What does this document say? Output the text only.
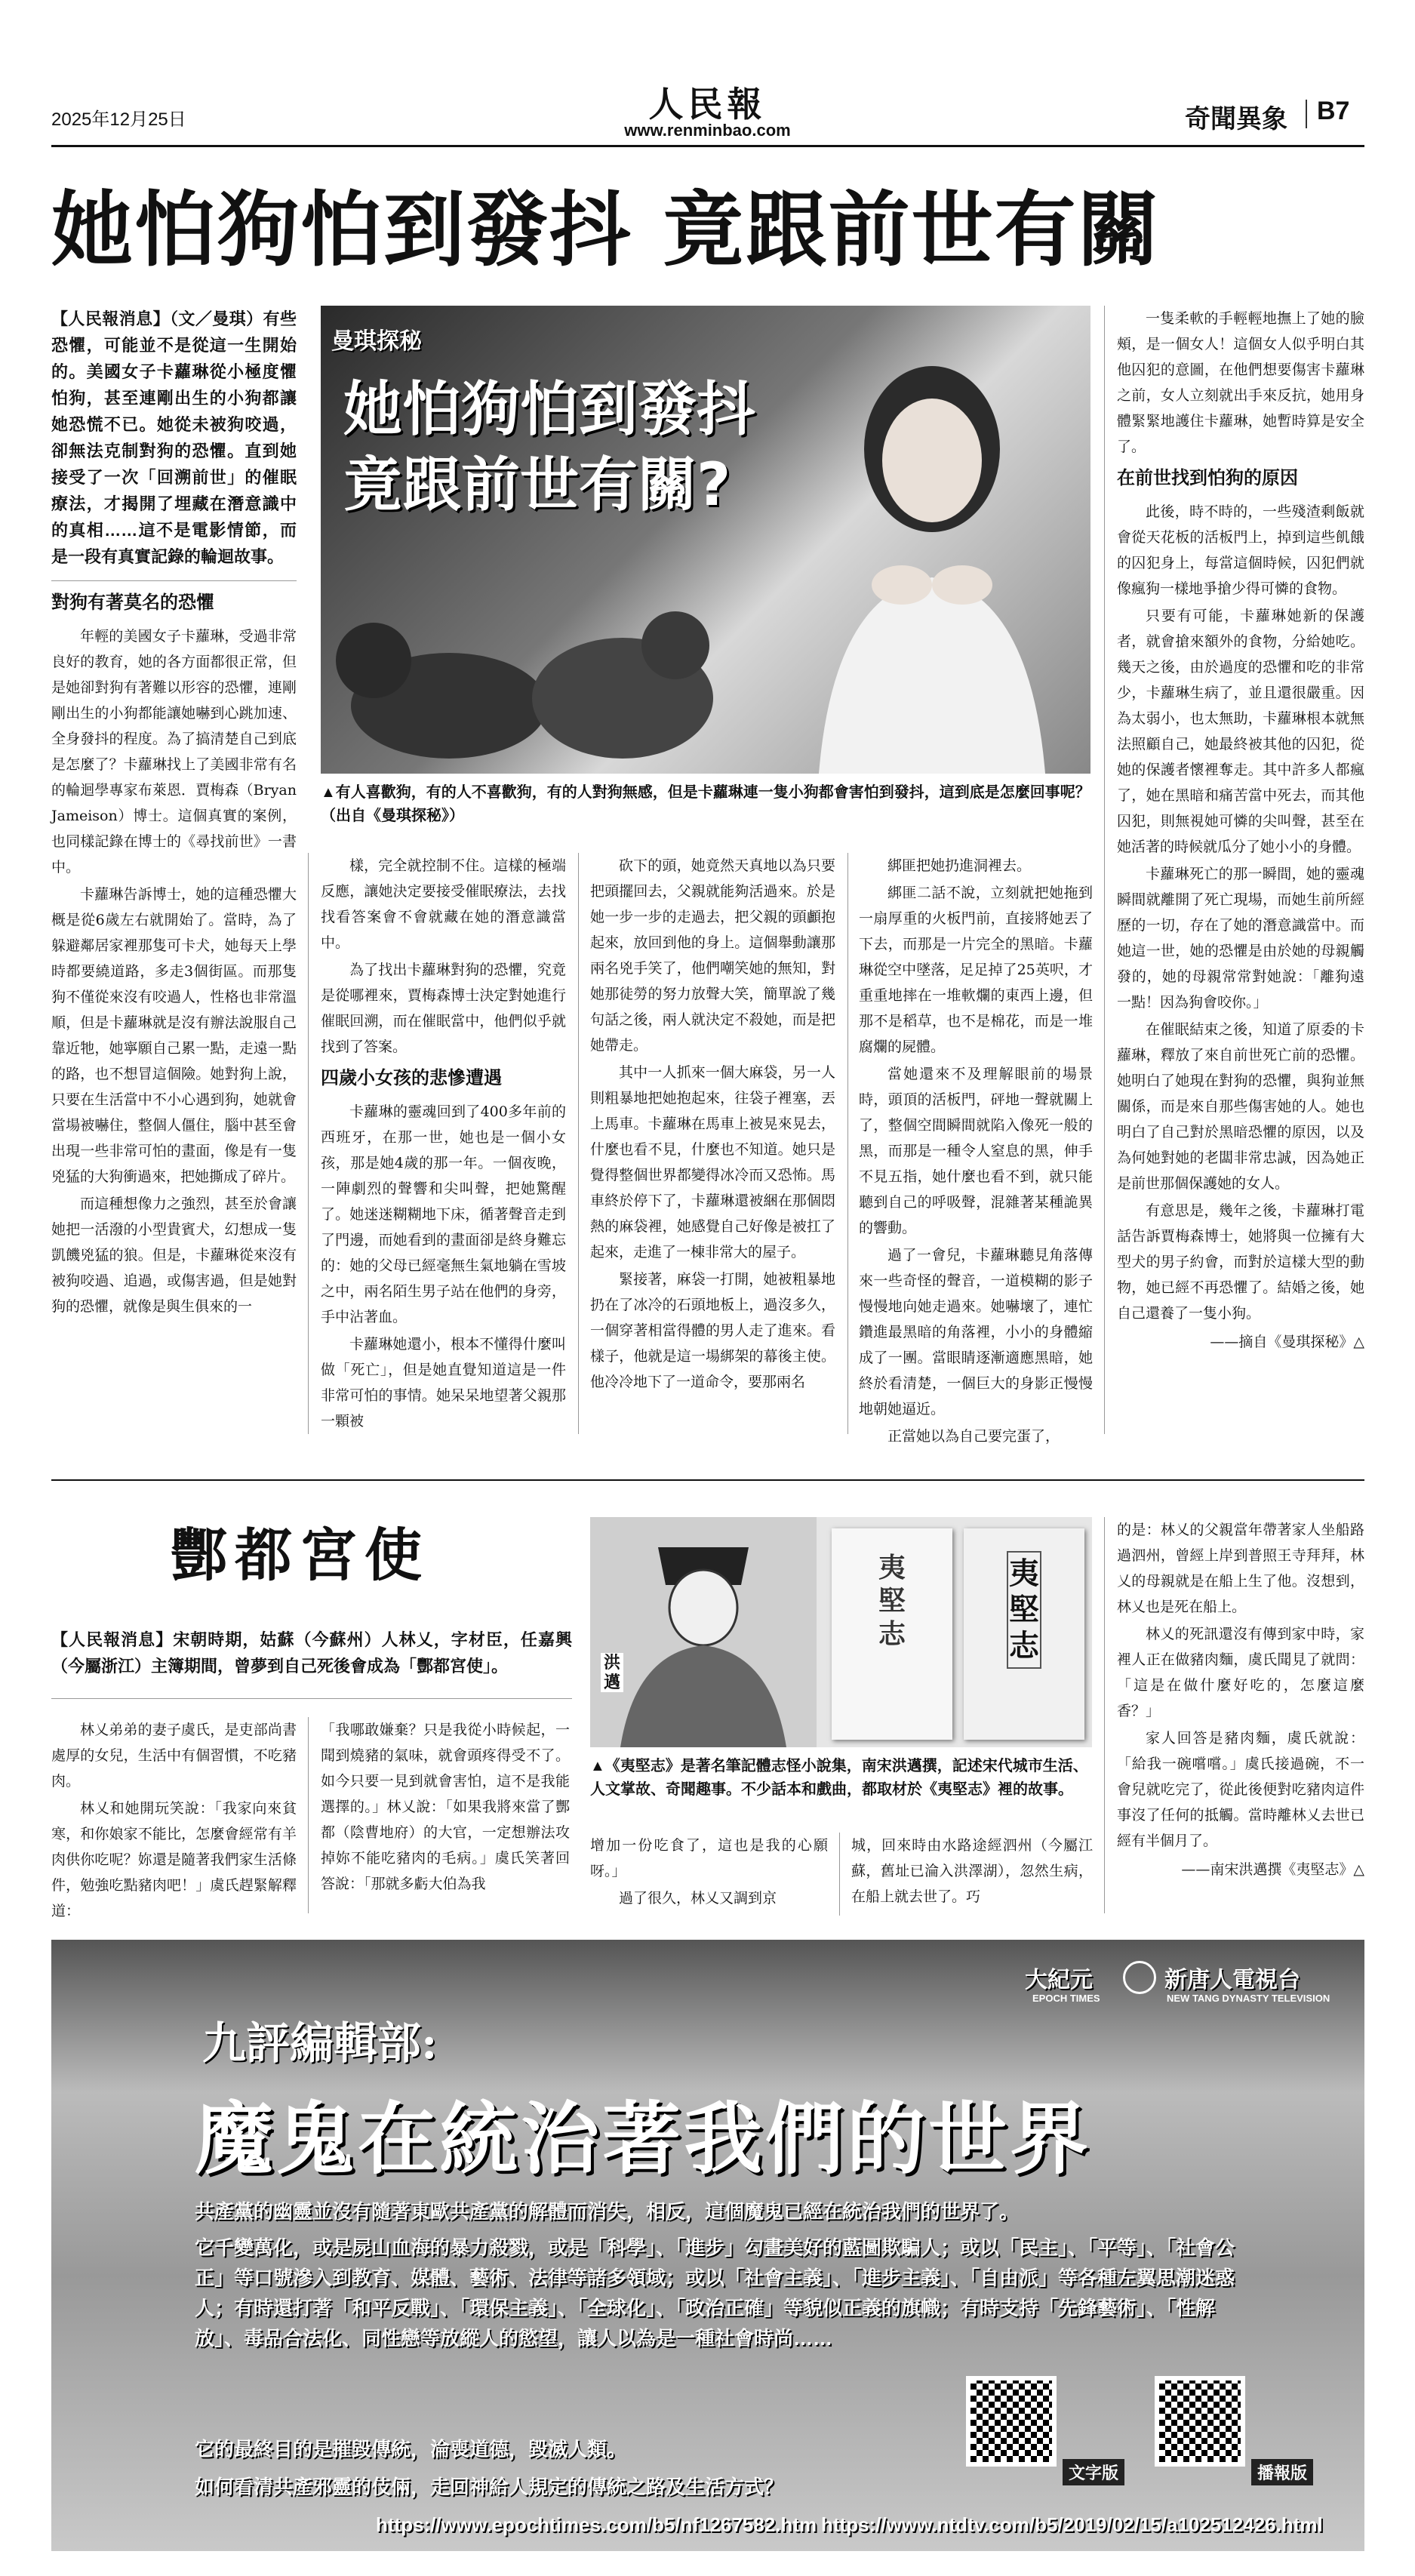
2025年12月25日	人民報
www.renminbao.com	奇聞異象 B7
她怕狗怕到發抖 竟跟前世有關

【人民報消息】（文／曼琪）有些恐懼，可能並不是從這一生開始的。美國女子卡蘿琳從小極度懼怕狗，甚至連剛出生的小狗都讓她恐慌不已。她從未被狗咬過，卻無法克制對狗的恐懼。直到她接受了一次「回溯前世」的催眠療法，才揭開了埋藏在潛意識中的真相……這不是電影情節，而是一段有真實記錄的輪迴故事。

對狗有著莫名的恐懼

年輕的美國女子卡蘿琳，受過非常良好的教育，她的各方面都很正常，但是她卻對狗有著難以形容的恐懼，連剛剛出生的小狗都能讓她嚇到心跳加速、全身發抖的程度。為了搞清楚自己到底是怎麼了？卡蘿琳找上了美國非常有名的輪迴學專家布萊恩．賈梅森（Bryan Jameison）博士。這個真實的案例，也同樣記錄在博士的《尋找前世》一書中。

卡蘿琳告訴博士，她的這種恐懼大概是從6歲左右就開始了。當時，為了躲避鄰居家裡那隻可卡犬，她每天上學時都要繞道路，多走3個街區。而那隻狗不僅從來沒有咬過人，性格也非常溫順，但是卡蘿琳就是沒有辦法說服自己靠近牠，她寧願自己累一點，走遠一點的路，也不想冒這個險。她對狗上說，只要在生活當中不小心遇到狗，她就會當場被嚇住，整個人僵住，腦中甚至會出現一些非常可怕的畫面，像是有一隻兇猛的大狗衝過來，把她撕成了碎片。

而這種想像力之強烈，甚至於會讓她把一活潑的小型貴賓犬，幻想成一隻凱饑兇猛的狼。但是，卡蘿琳從來沒有被狗咬過、追過，或傷害過，但是她對狗的恐懼，就像是與生俱來的一

曼琪探秘
她怕狗怕到發抖
竟跟前世有關?

▲有人喜歡狗，有的人不喜歡狗，有的人對狗無感，但是卡蘿琳連一隻小狗都會害怕到發抖，這到底是怎麼回事呢？（出自《曼琪探秘》）

樣，完全就控制不住。這樣的極端反應，讓她決定要接受催眠療法，去找找看答案會不會就藏在她的潛意識當中。

為了找出卡蘿琳對狗的恐懼，究竟是從哪裡來，賈梅森博士決定對她進行催眠回溯，而在催眠當中，他們似乎就找到了答案。

四歲小女孩的悲慘遭遇

卡蘿琳的靈魂回到了400多年前的西班牙，在那一世，她也是一個小女孩，那是她4歲的那一年。一個夜晚，一陣劇烈的聲響和尖叫聲，把她驚醒了。她迷迷糊糊地下床，循著聲音走到了門邊，而她看到的畫面卻是終身難忘的：她的父母已經毫無生氣地躺在雪坡之中，兩名陌生男子站在他們的身旁，手中沾著血。

卡蘿琳她還小，根本不懂得什麼叫做「死亡」，但是她直覺知道這是一件非常可怕的事情。她呆呆地望著父親那一顆被

砍下的頭，她竟然天真地以為只要把頭擺回去，父親就能夠活過來。於是她一步一步的走過去，把父親的頭顱抱起來，放回到他的身上。這個舉動讓那兩名兇手笑了，他們嘲笑她的無知，對她那徒勞的努力放聲大笑，簡單說了幾句話之後，兩人就決定不殺她，而是把她帶走。

其中一人抓來一個大麻袋，另一人則粗暴地把她抱起來，往袋子裡塞，丟上馬車。卡蘿琳在馬車上被晃來晃去，什麼也看不見，什麼也不知道。她只是覺得整個世界都變得冰冷而又恐怖。馬車終於停下了，卡蘿琳還被綑在那個悶熱的麻袋裡，她感覺自己好像是被扛了起來，走進了一棟非常大的屋子。

緊接著，麻袋一打開，她被粗暴地扔在了冰冷的石頭地板上，過沒多久，一個穿著相當得體的男人走了進來。看樣子，他就是這一場綁架的幕後主使。他冷冷地下了一道命令，要那兩名

綁匪把她扔進洞裡去。

綁匪二話不說，立刻就把她拖到一扇厚重的火板門前，直接將她丟了下去，而那是一片完全的黑暗。卡蘿琳從空中墜落，足足掉了25英呎，才重重地摔在一堆軟爛的東西上邊，但那不是稻草，也不是棉花，而是一堆腐爛的屍體。

當她還來不及理解眼前的場景時，頭頂的活板門，砰地一聲就關上了，整個空間瞬間就陷入像死一般的黑，而那是一種令人窒息的黑，伸手不見五指，她什麼也看不到，就只能聽到自己的呼吸聲，混雜著某種詭異的響動。

過了一會兒，卡蘿琳聽見角落傳來一些奇怪的聲音，一道模糊的影子慢慢地向她走過來。她嚇壞了，連忙鑽進最黑暗的角落裡，小小的身體縮成了一團。當眼睛逐漸適應黑暗，她終於看清楚，一個巨大的身影正慢慢地朝她逼近。

正當她以為自己要完蛋了，

一隻柔軟的手輕輕地撫上了她的臉頰，是一個女人！這個女人似乎明白其他囚犯的意圖，在他們想要傷害卡蘿琳之前，女人立刻就出手來反抗，她用身體緊緊地護住卡蘿琳，她暫時算是安全了。

在前世找到怕狗的原因

此後，時不時的，一些殘渣剩飯就會從天花板的活板門上，掉到這些飢餓的囚犯身上，每當這個時候，囚犯們就像瘋狗一樣地爭搶少得可憐的食物。

只要有可能，卡蘿琳她新的保護者，就會搶來額外的食物，分給她吃。幾天之後，由於過度的恐懼和吃的非常少，卡蘿琳生病了，並且還很嚴重。因為太弱小，也太無助，卡蘿琳根本就無法照顧自己，她最終被其他的囚犯，從她的保護者懷裡奪走。其中許多人都瘋了，她在黑暗和痛苦當中死去，而其他囚犯，則無視她可憐的尖叫聲，甚至在她活著的時候就瓜分了她小小的身體。

卡蘿琳死亡的那一瞬間，她的靈魂瞬間就離開了死亡現場，而她生前所經歷的一切，存在了她的潛意識當中。而她這一世，她的恐懼是由於她的母親觸發的，她的母親常常對她說：「離狗遠一點！因為狗會咬你。」

在催眠結束之後，知道了原委的卡蘿琳，釋放了來自前世死亡前的恐懼。她明白了她現在對狗的恐懼，與狗並無關係，而是來自那些傷害她的人。她也明白了自己對於黑暗恐懼的原因，以及為何她對她的老闆非常忠誠，因為她正是前世那個保護她的女人。

有意思是，幾年之後，卡蘿琳打電話告訴賈梅森博士，她將與一位擁有大型犬的男子約會，而對於這樣大型的動物，她已經不再恐懼了。結婚之後，她自己還養了一隻小狗。

——摘自《曼琪探秘》△

酆都宮使

【人民報消息】宋朝時期，姑蘇（今蘇州）人林乂，字材臣，任嘉興（今屬浙江）主簿期間，曾夢到自己死後會成為「酆都宮使」。

林乂弟弟的妻子虞氏，是吏部尚書處厚的女兒，生活中有個習慣，不吃豬肉。

林乂和她開玩笑說：「我家向來貧寒，和你娘家不能比，怎麼會經常有羊肉供你吃呢？妳還是隨著我們家生活條件，勉強吃點豬肉吧！」虞氏趕緊解釋道：

「我哪敢嫌棄？只是我從小時候起，一聞到燒豬的氣味，就會頭疼得受不了。如今只要一見到就會害怕，這不是我能選擇的。」林乂說：「如果我將來當了酆都（陰曹地府）的大官，一定想辦法攻掉妳不能吃豬肉的毛病。」虞氏笑著回答說：「那就多虧大伯為我

洪邁
夷堅志
夷堅志

▲《夷堅志》是著名筆記體志怪小說集，南宋洪邁撰，記述宋代城市生活、人文掌故、奇聞趣事。不少話本和戲曲，都取材於《夷堅志》裡的故事。

增加一份吃食了，這也是我的心願呀。」

過了很久，林乂又調到京

城，回來時由水路途經泗州（今屬江蘇，舊址已淪入洪澤湖），忽然生病，在船上就去世了。巧

的是：林乂的父親當年帶著家人坐船路過泗州，曾經上岸到普照王寺拜拜，林乂的母親就是在船上生了他。沒想到，林乂也是死在船上。

林乂的死訊還沒有傳到家中時，家裡人正在做豬肉麵，虞氏聞見了就問：「這是在做什麼好吃的，怎麼這麼香？」

家人回答是豬肉麵，虞氏就說：「給我一碗嚐嚐。」虞氏接過碗，不一會兒就吃完了，從此後便對吃豬肉這件事沒了任何的抵觸。當時離林乂去世已經有半個月了。

——南宋洪邁撰《夷堅志》△

大紀元
EPOCH TIMES
新唐人電視台
NEW TANG DYNASTY TELEVISION
九評編輯部:
魔鬼在統治著我們的世界

共產黨的幽靈並沒有隨著東歐共產黨的解體而消失，相反，這個魔鬼已經在統治我們的世界了。

它千變萬化，或是屍山血海的暴力殺戮，或是「科學」、「進步」勾畫美好的藍圖欺騙人；或以「民主」、「平等」、「社會公正」等口號滲入到教育、媒體、藝術、法律等諸多領域；或以「社會主義」、「進步主義」、「自由派」等各種左翼思潮迷惑人；有時還打著「和平反戰」、「環保主義」、「全球化」、「政治正確」等貌似正義的旗幟；有時支持「先鋒藝術」、「性解放」、毒品合法化、同性戀等放縱人的慾望，讓人以為是一種社會時尚……

它的最終目的是摧毀傳統，淪喪道德，毀滅人類。

如何看清共產邪靈的伎倆，走回神給人規定的傳統之路及生活方式？

文字版	播報版
https://www.epochtimes.com/b5/nf1267582.htm https://www.ntdtv.com/b5/2019/02/15/a102512426.html
